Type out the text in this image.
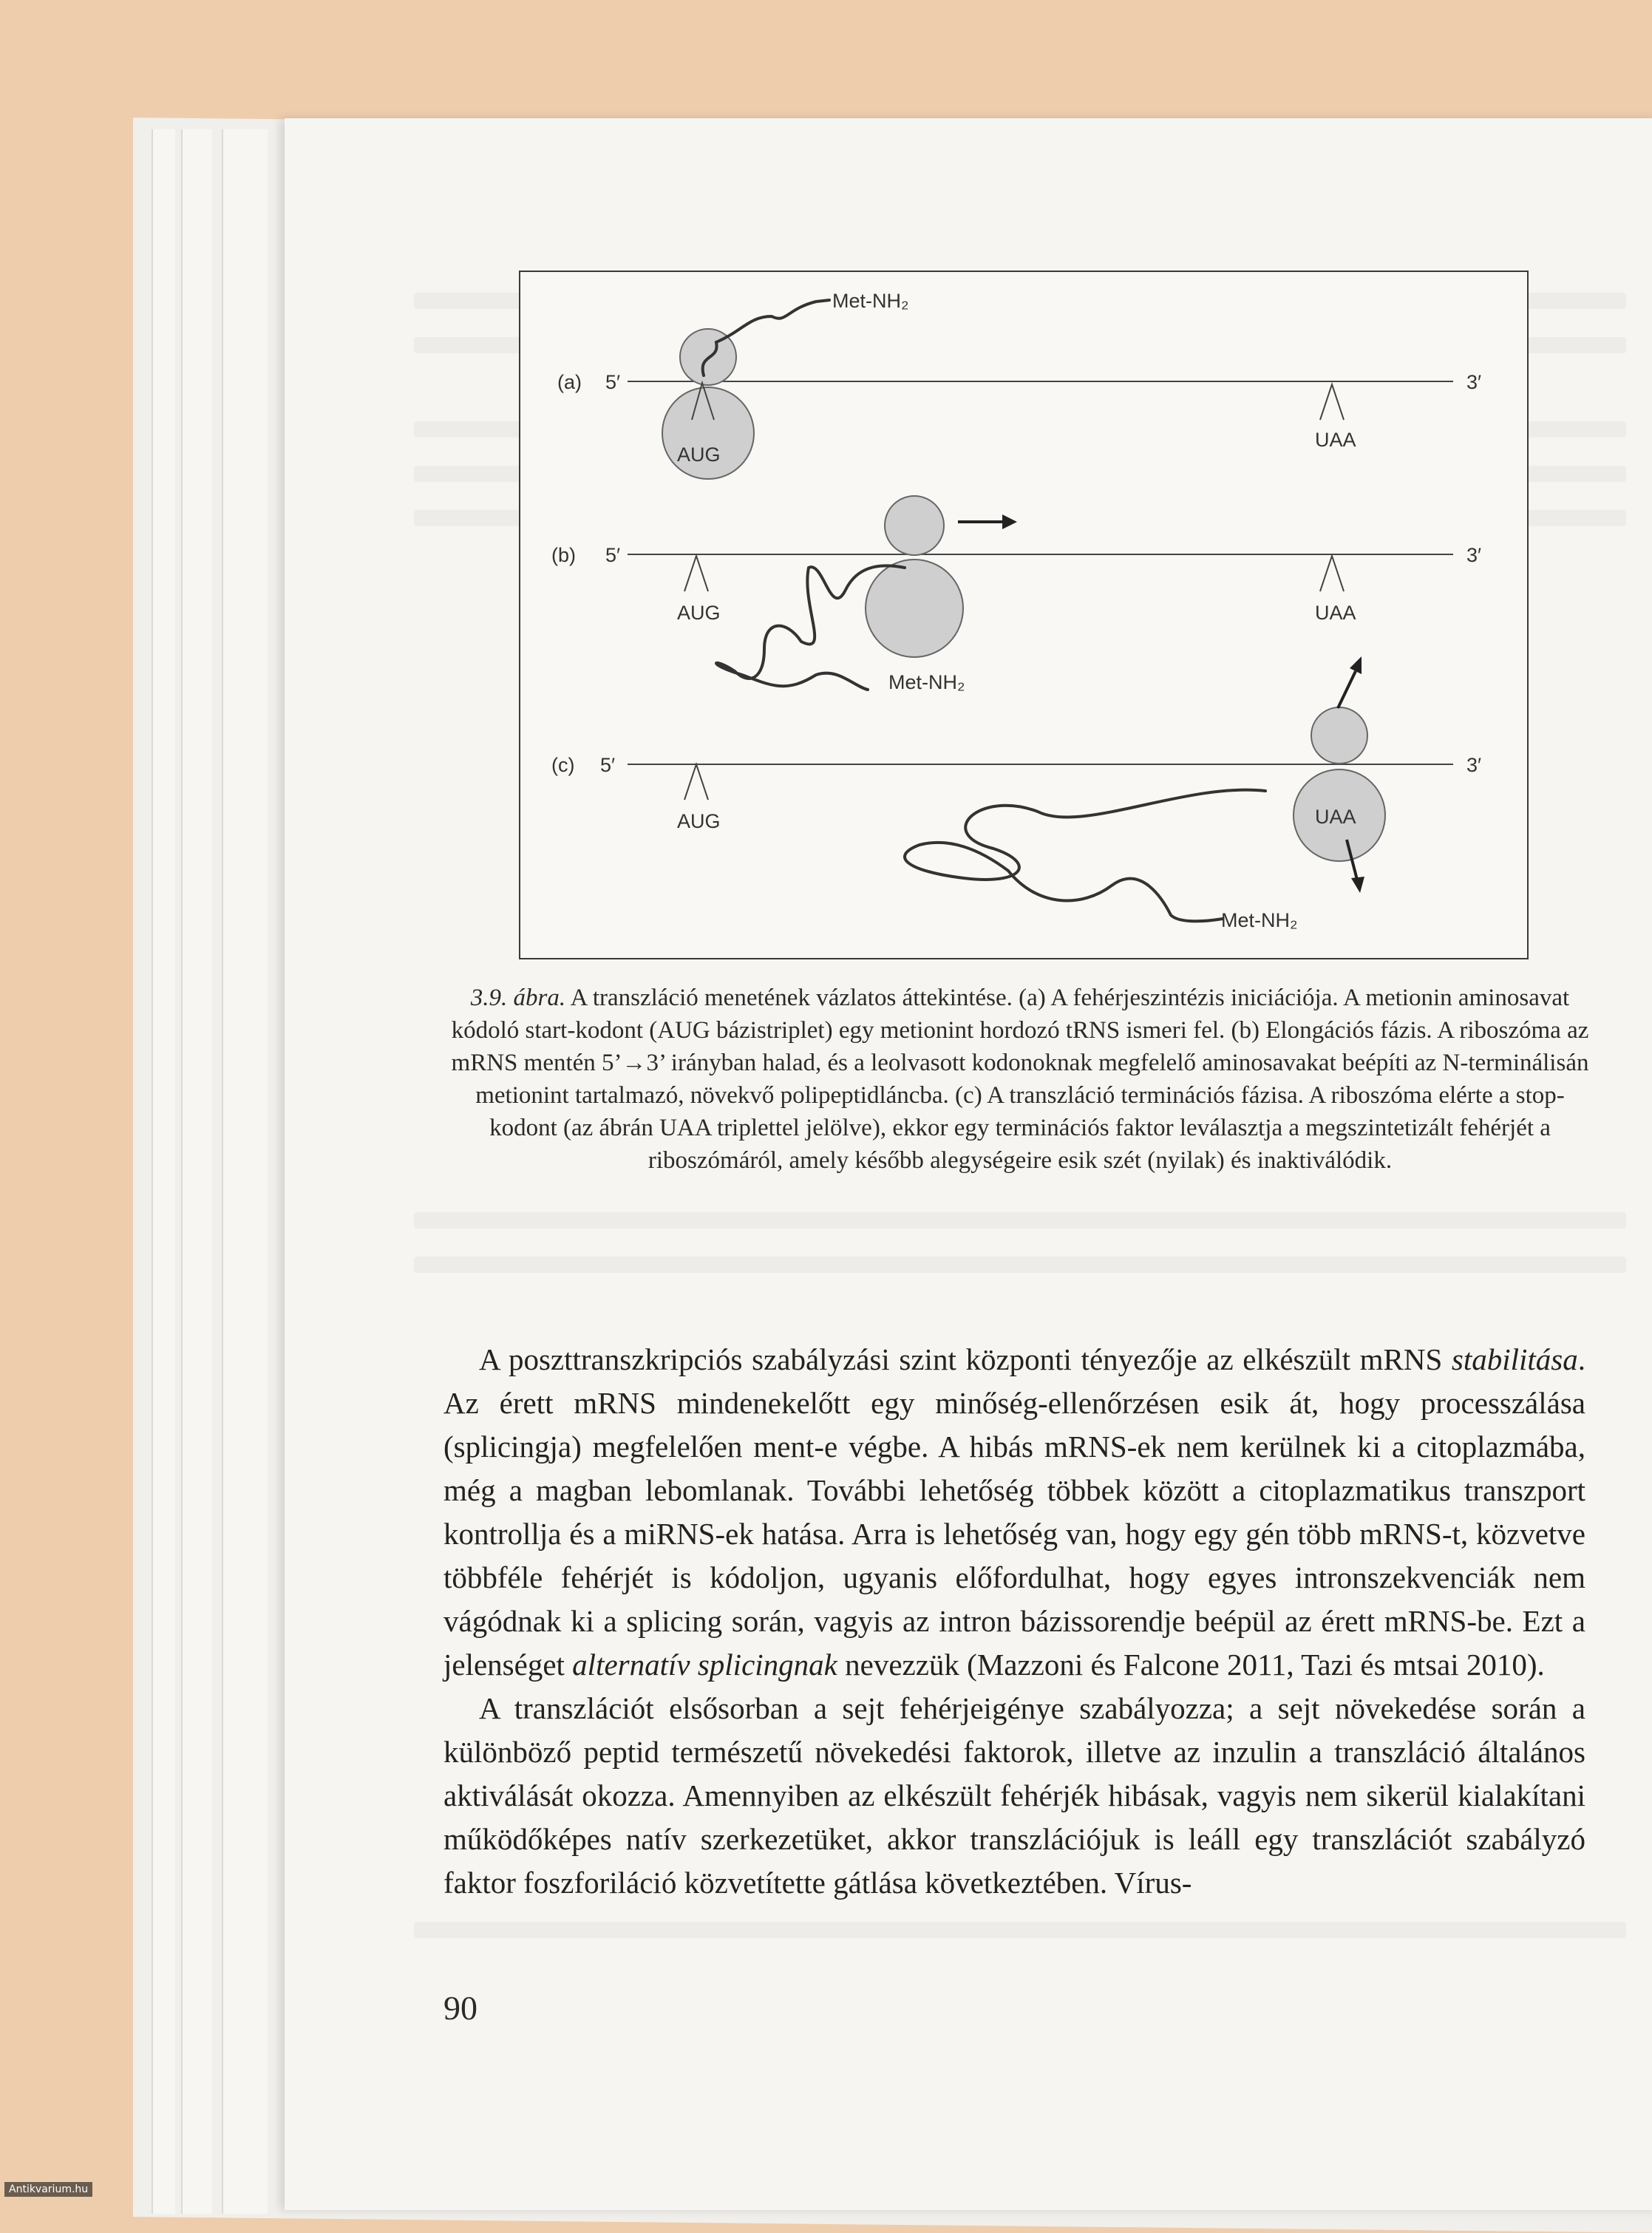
(a) 5′	3′
Met-NH₂
AUG
UAA
(b) 5′	3′
AUG
Met-NH₂
UAA
(c) 5′	3′
AUG
Met-NH₂
UAA
3.9. ábra. A transzláció menetének vázlatos áttekintése. (a) A fehérjeszintézis iniciációja. A metionin aminosavat kódoló start-kodont (AUG bázistriplet) egy metionint hordozó tRNS ismeri fel. (b) Elongációs fázis. A riboszóma az mRNS mentén 5’→3’ irányban halad, és a leolvasott kodonoknak megfelelő aminosavakat beépíti az N-terminálisán metionint tartalmazó, növekvő polipeptidláncba. (c) A transzláció terminációs fázisa. A riboszóma elérte a stop-kodont (az ábrán UAA triplettel jelölve), ekkor egy terminációs faktor leválasztja a megszintetizált fehérjét a riboszómáról, amely később alegységeire esik szét (nyilak) és inaktiválódik.

A poszttranszkripciós szabályzási szint központi tényezője az elkészült mRNS stabilitása. Az érett mRNS mindenekelőtt egy minőség-ellenőrzésen esik át, hogy processzálása (splicingja) megfelelően ment-e végbe. A hibás mRNS-ek nem kerülnek ki a citoplazmába, még a magban lebomlanak. További lehetőség többek között a citoplazmatikus transzport kontrollja és a miRNS-ek hatása. Arra is lehetőség van, hogy egy gén több mRNS-t, közvetve többféle fehérjét is kódoljon, ugyanis előfordulhat, hogy egyes intronszekvenciák nem vágódnak ki a splicing során, vagyis az intron bázissorendje beépül az érett mRNS-be. Ezt a jelenséget alternatív splicingnak nevezzük (Mazzoni és Falcone 2011, Tazi és mtsai 2010).

A transzlációt elsősorban a sejt fehérjeigénye szabályozza; a sejt növekedése során a különböző peptid természetű növekedési faktorok, illetve az inzulin a transzláció általános aktiválását okozza. Amennyiben az elkészült fehérjék hibásak, vagyis nem sikerül kialakítani működőképes natív szerkezetüket, akkor transzlációjuk is leáll egy transzlációt szabályzó faktor foszforiláció közvetítette gátlása következtében. Vírus-

90
Antikvarium.hu
